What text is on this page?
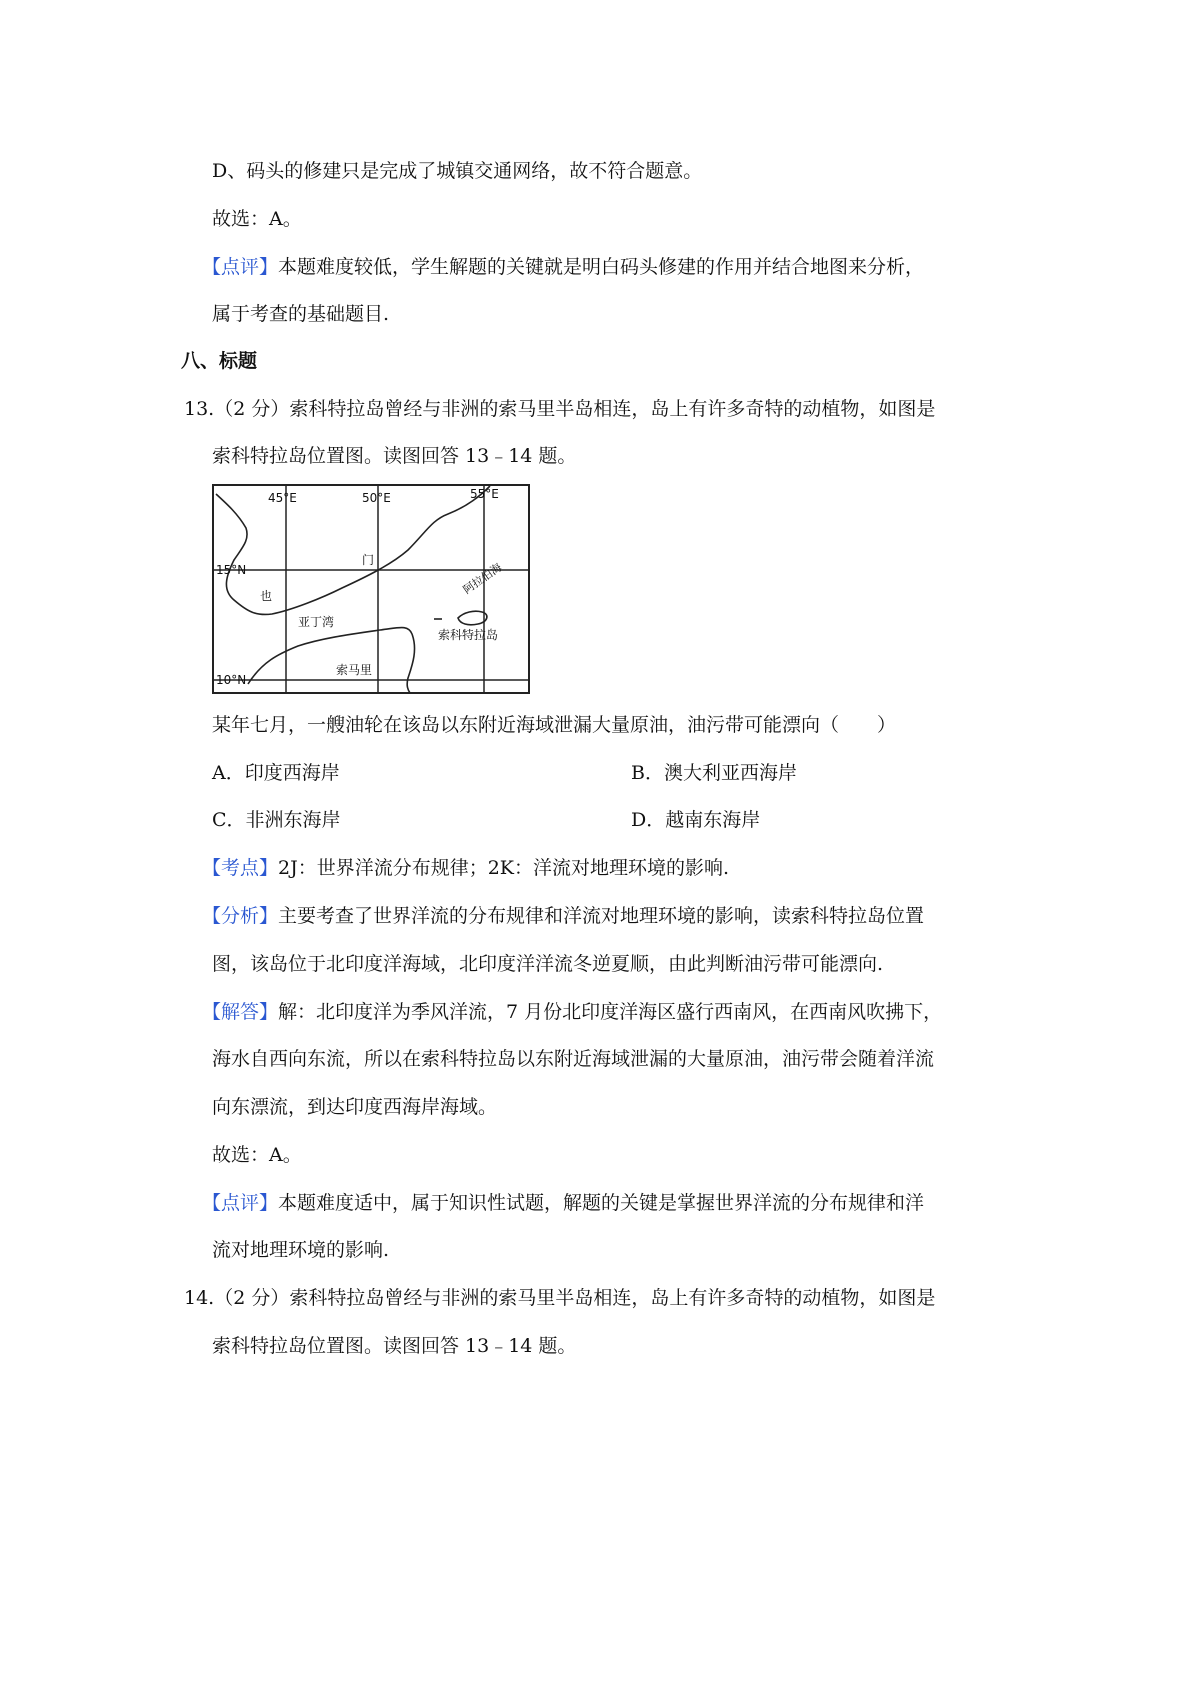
D、码头的修建只是完成了城镇交通网络，故不符合题意。
故选：A。
【点评】本题难度较低，学生解题的关键就是明白码头修建的作用并结合地图来分析，
属于考查的基础题目.
八、标题
13.（2 分）索科特拉岛曾经与非洲的索马里半岛相连，岛上有许多奇特的动植物，如图是
索科特拉岛位置图。读图回答 13﹣14 题。
45°E	50°E	55°E
15°N
10°N
门
也	阿拉伯海
亚丁湾
索科特拉岛
索马里
某年七月，一艘油轮在该岛以东附近海域泄漏大量原油，油污带可能漂向（　　）
A．印度西海岸	B．澳大利亚西海岸
C．非洲东海岸	D．越南东海岸
【考点】2J：世界洋流分布规律；2K：洋流对地理环境的影响.
【分析】主要考查了世界洋流的分布规律和洋流对地理环境的影响，读索科特拉岛位置
图，该岛位于北印度洋海域，北印度洋洋流冬逆夏顺，由此判断油污带可能漂向.
【解答】解：北印度洋为季风洋流，7 月份北印度洋海区盛行西南风，在西南风吹拂下，
海水自西向东流，所以在索科特拉岛以东附近海域泄漏的大量原油，油污带会随着洋流
向东漂流，到达印度西海岸海域。
故选：A。
【点评】本题难度适中，属于知识性试题，解题的关键是掌握世界洋流的分布规律和洋
流对地理环境的影响.
14.（2 分）索科特拉岛曾经与非洲的索马里半岛相连，岛上有许多奇特的动植物，如图是
索科特拉岛位置图。读图回答 13﹣14 题。
